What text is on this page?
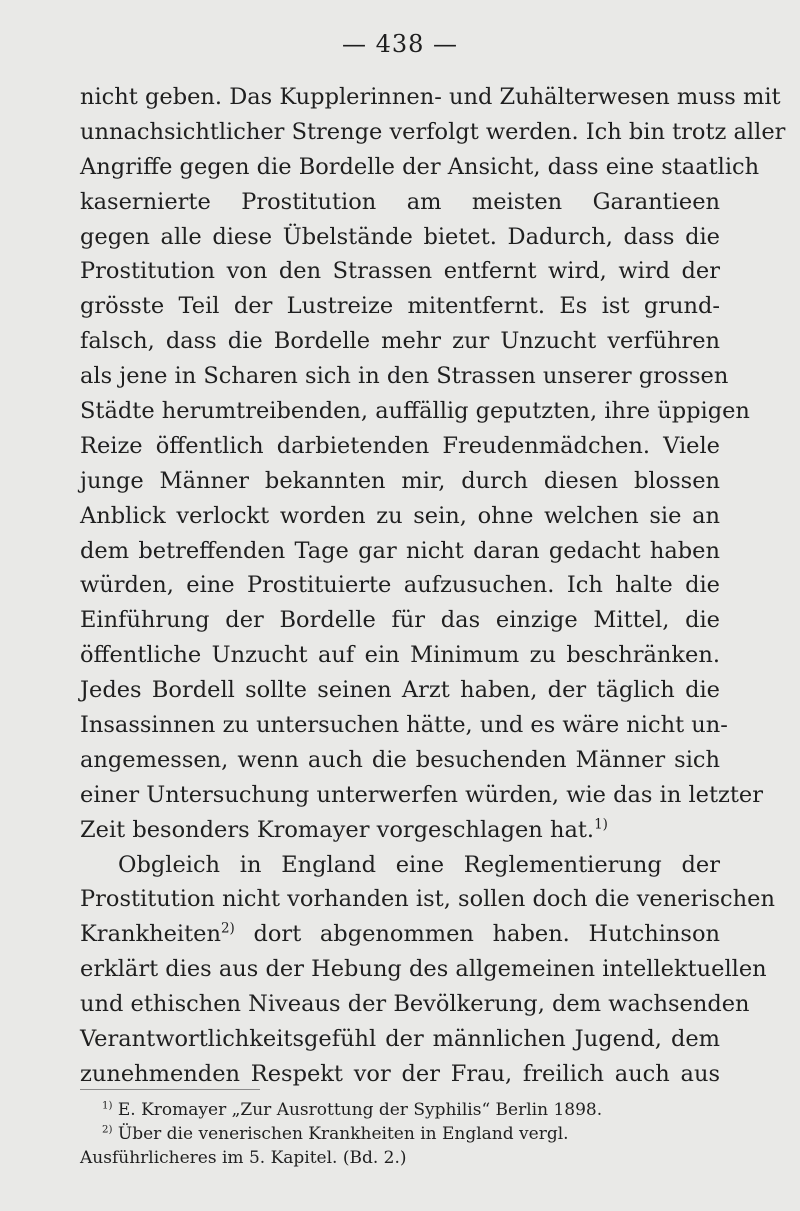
— 438 —
nicht geben. Das Kupplerinnen- und Zuhälterwesen muss mit
unnachsichtlicher Strenge verfolgt werden. Ich bin trotz aller
Angriffe gegen die Bordelle der Ansicht, dass eine staatlich
kasernierte Prostitution am meisten Garantieen
gegen alle diese Übelstände bietet. Dadurch, dass die
Prostitution von den Strassen entfernt wird, wird der
grösste Teil der Lustreize mitentfernt. Es ist grund-
falsch, dass die Bordelle mehr zur Unzucht verführen
als jene in Scharen sich in den Strassen unserer grossen
Städte herumtreibenden, auffällig geputzten, ihre üppigen
Reize öffentlich darbietenden Freudenmädchen. Viele
junge Männer bekannten mir, durch diesen blossen
Anblick verlockt worden zu sein, ohne welchen sie an
dem betreffenden Tage gar nicht daran gedacht haben
würden, eine Prostituierte aufzusuchen. Ich halte die
Einführung der Bordelle für das einzige Mittel, die
öffentliche Unzucht auf ein Minimum zu beschränken.
Jedes Bordell sollte seinen Arzt haben, der täglich die
Insassinnen zu untersuchen hätte, und es wäre nicht un-
angemessen, wenn auch die besuchenden Männer sich
einer Untersuchung unterwerfen würden, wie das in letzter
Zeit besonders Kromayer vorgeschlagen hat.$^{1)}$
Obgleich in England eine Reglementierung der
Prostitution nicht vorhanden ist, sollen doch die venerischen
Krankheiten$^{2)}$ dort abgenommen haben. Hutchinson
erklärt dies aus der Hebung des allgemeinen intellektuellen
und ethischen Niveaus der Bevölkerung, dem wachsenden
Verantwortlichkeitsgefühl der männlichen Jugend, dem
zunehmenden Respekt vor der Frau, freilich auch aus
$^{1)}$ E. Kromayer „Zur Ausrottung der Syphilis“ Berlin 1898.
$^{2)}$ Über die venerischen Krankheiten in England vergl.
Ausführlicheres im 5. Kapitel. (Bd. 2.)
